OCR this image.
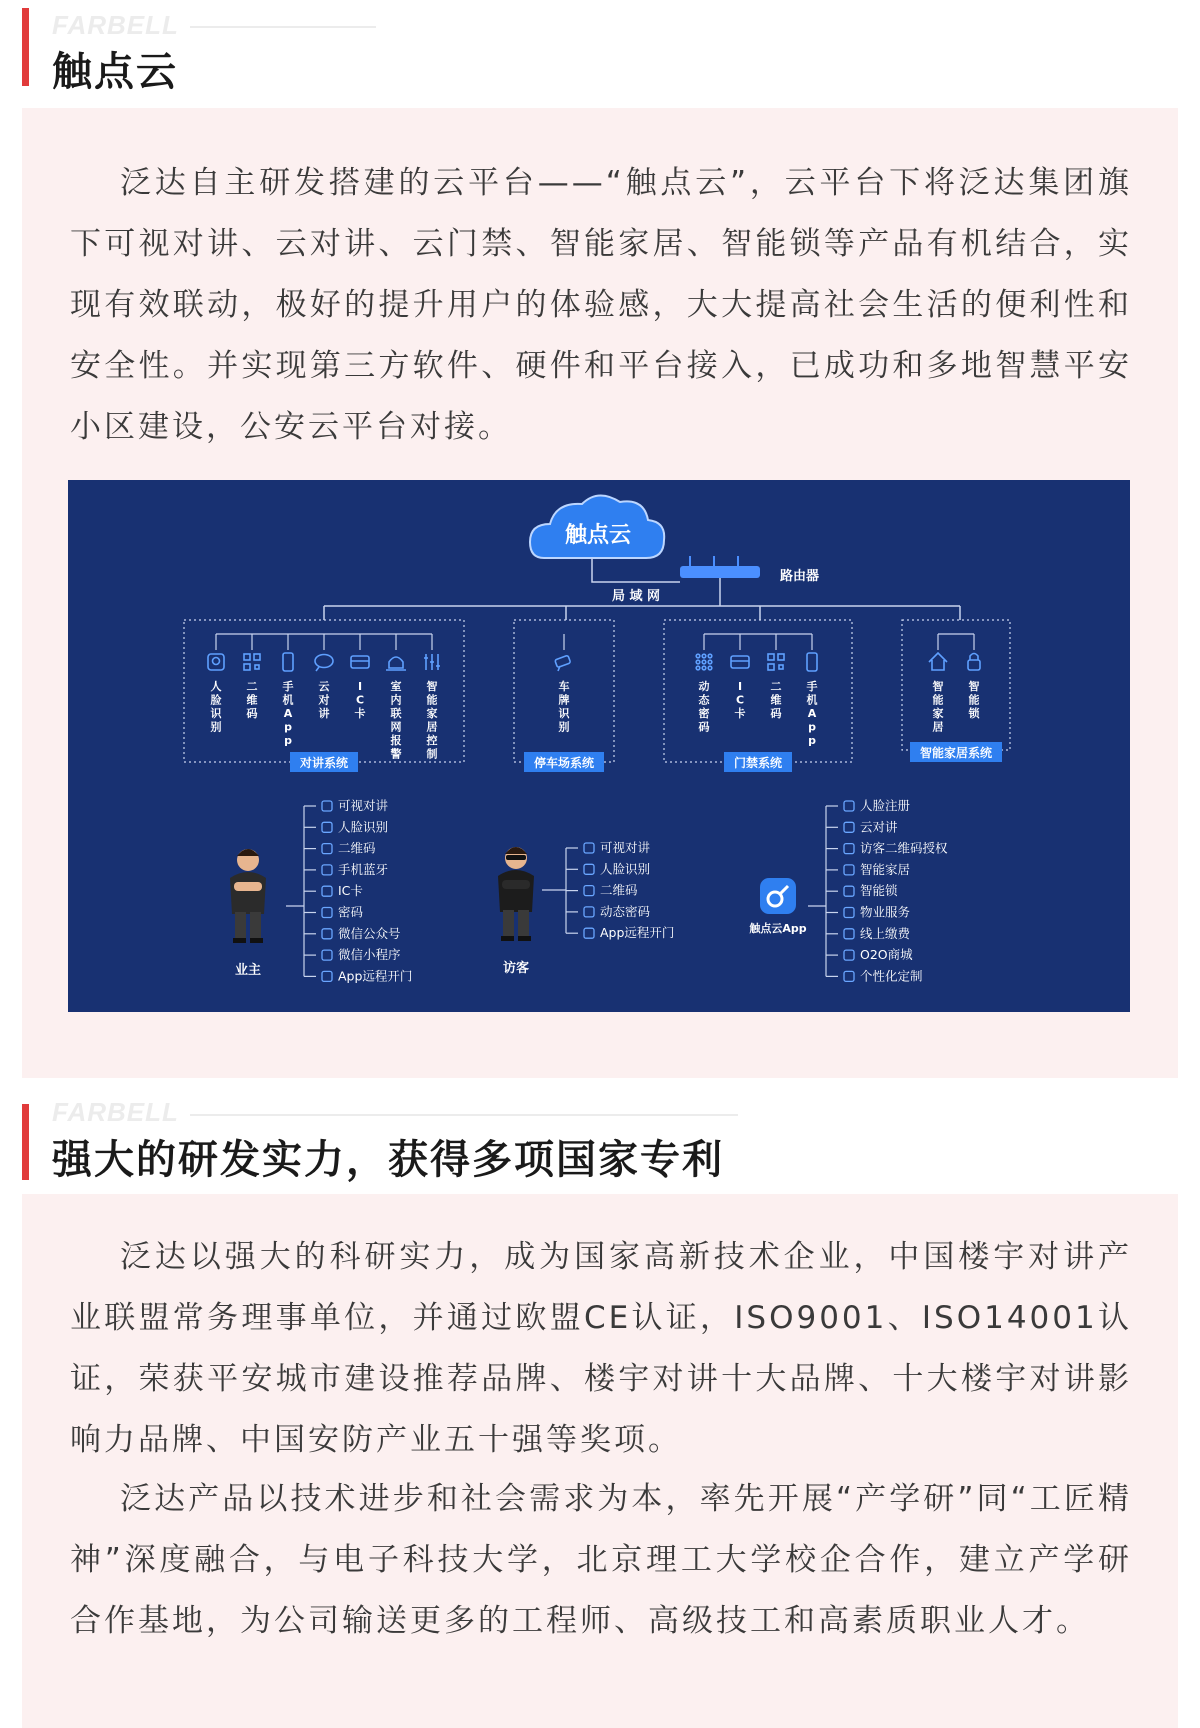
FARBELL
触点云

泛达自主研发搭建的云平台——“触点云”，云平台下将泛达集团旗下可视对讲、云对讲、云门禁、智能家居、智能锁等产品有机结合，实现有效联动，极好的提升用户的体验感，大大提高社会生活的便利性和安全性。并实现第三方软件、硬件和平台接入，已成功和多地智慧平安小区建设，公安云平台对接。

触点云
路由器
局 域 网
人脸识别
二维码
手机 A p p
云对讲
I C 卡
室内联网报警
智能家居控制
对讲系统
车牌识别
停车场系统
动态密码
I C 卡
二维码
手机 A p p
门禁系统
智能家居
智能锁
智能家居系统
业主
可视对讲
人脸识别
二维码
手机蓝牙
IC卡
密码
微信公众号
微信小程序
App远程开门	访客
可视对讲
人脸识别
二维码
动态密码
App远程开门	触点云App
人脸注册
云对讲
访客二维码授权
智能家居
智能锁
物业服务
线上缴费
O2O商城
个性化定制
FARBELL
强大的研发实力，获得多项国家专利

泛达以强大的科研实力，成为国家高新技术企业，中国楼宇对讲产业联盟常务理事单位，并通过欧盟CE认证，ISO9001、ISO14001认证，荣获平安城市建设推荐品牌、楼宇对讲十大品牌、十大楼宇对讲影响力品牌、中国安防产业五十强等奖项。

泛达产品以技术进步和社会需求为本，率先开展“产学研”同“工匠精神”深度融合，与电子科技大学，北京理工大学校企合作，建立产学研合作基地，为公司输送更多的工程师、高级技工和高素质职业人才。
